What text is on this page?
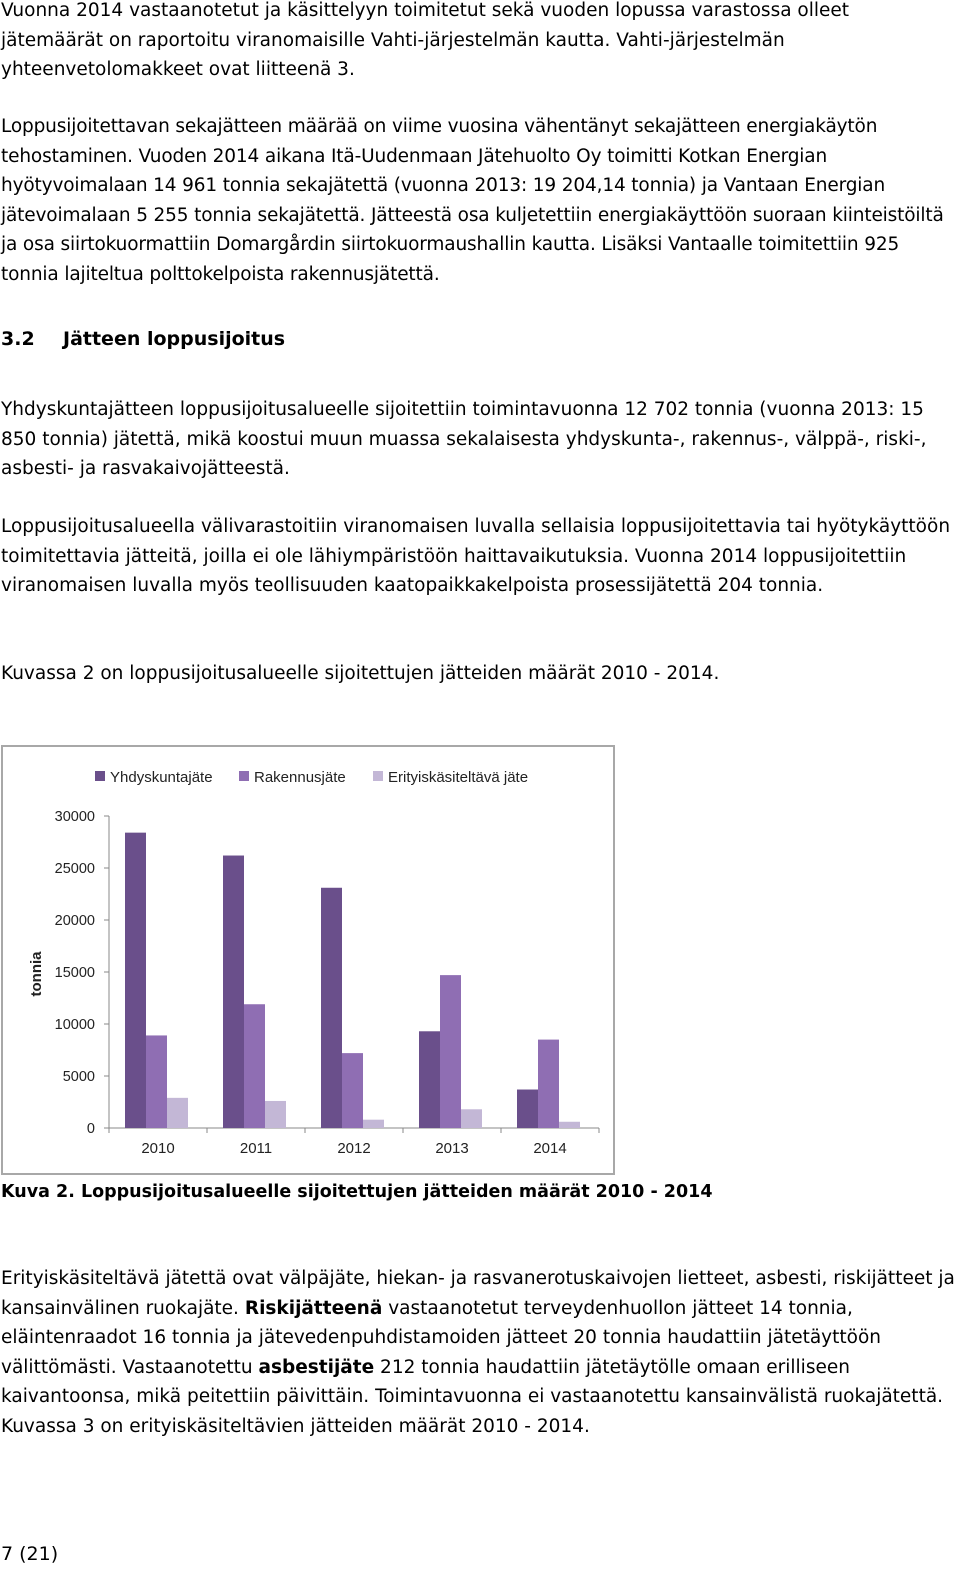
Vuonna 2014 vastaanotetut ja käsittelyyn toimitetut sekä vuoden lopussa varastossa olleet jätemäärät on raportoitu viranomaisille Vahti-järjestelmän kautta. Vahti-järjestelmän yhteenvetolomakkeet ovat liitteenä 3.

Loppusijoitettavan sekajätteen määrää on viime vuosina vähentänyt sekajätteen energiakäytön tehostaminen. Vuoden 2014 aikana Itä-Uudenmaan Jätehuolto Oy toimitti Kotkan Energian hyötyvoimalaan 14 961 tonnia sekajätettä (vuonna 2013: 19 204,14 tonnia) ja Vantaan Energian jätevoimalaan 5 255 tonnia sekajätettä. Jätteestä osa kuljetettiin energiakäyttöön suoraan kiinteistöiltä ja osa siirtokuormattiin Domargårdin siirtokuormaushallin kautta. Lisäksi Vantaalle toimitettiin 925 tonnia lajiteltua polttokelpoista rakennusjätettä.

3.2 Jätteen loppusijoitus

Yhdyskuntajätteen loppusijoitusalueelle sijoitettiin toimintavuonna 12 702 tonnia (vuonna 2013: 15 850 tonnia) jätettä, mikä koostui muun muassa sekalaisesta yhdyskunta-, rakennus-, välppä-, riski-, asbesti- ja rasvakaivojätteestä.

Loppusijoitusalueella välivarastoitiin viranomaisen luvalla sellaisia loppusijoitettavia tai hyötykäyttöön toimitettavia jätteitä, joilla ei ole lähiympäristöön haittavaikutuksia. Vuonna 2014 loppusijoitettiin viranomaisen luvalla myös teollisuuden kaatopaikkakelpoista prosessijätettä 204 tonnia.

Kuvassa 2 on loppusijoitusalueelle sijoitettujen jätteiden määrät 2010 - 2014.

Yhdyskuntajäte	Rakennusjäte	Erityiskäsiteltävä jäte
0
5000
10000
15000
20000
25000
30000
tonnia
2010	2011	2012	2013	2014
Kuva 2. Loppusijoitusalueelle sijoitettujen jätteiden määrät 2010 - 2014

Erityiskäsiteltävä jätettä ovat välpäjäte, hiekan- ja rasvanerotuskaivojen lietteet, asbesti, riskijätteet ja kansainvälinen ruokajäte. Riskijätteenä vastaanotetut terveydenhuollon jätteet 14 tonnia, eläintenraadot 16 tonnia ja jätevedenpuhdistamoiden jätteet 20 tonnia haudattiin jätetäyttöön välittömästi. Vastaanotettu asbestijäte 212 tonnia haudattiin jätetäytölle omaan erilliseen kaivantoonsa, mikä peitettiin päivittäin. Toimintavuonna ei vastaanotettu kansainvälistä ruokajätettä. Kuvassa 3 on erityiskäsiteltävien jätteiden määrät 2010 - 2014.

7 (21)
